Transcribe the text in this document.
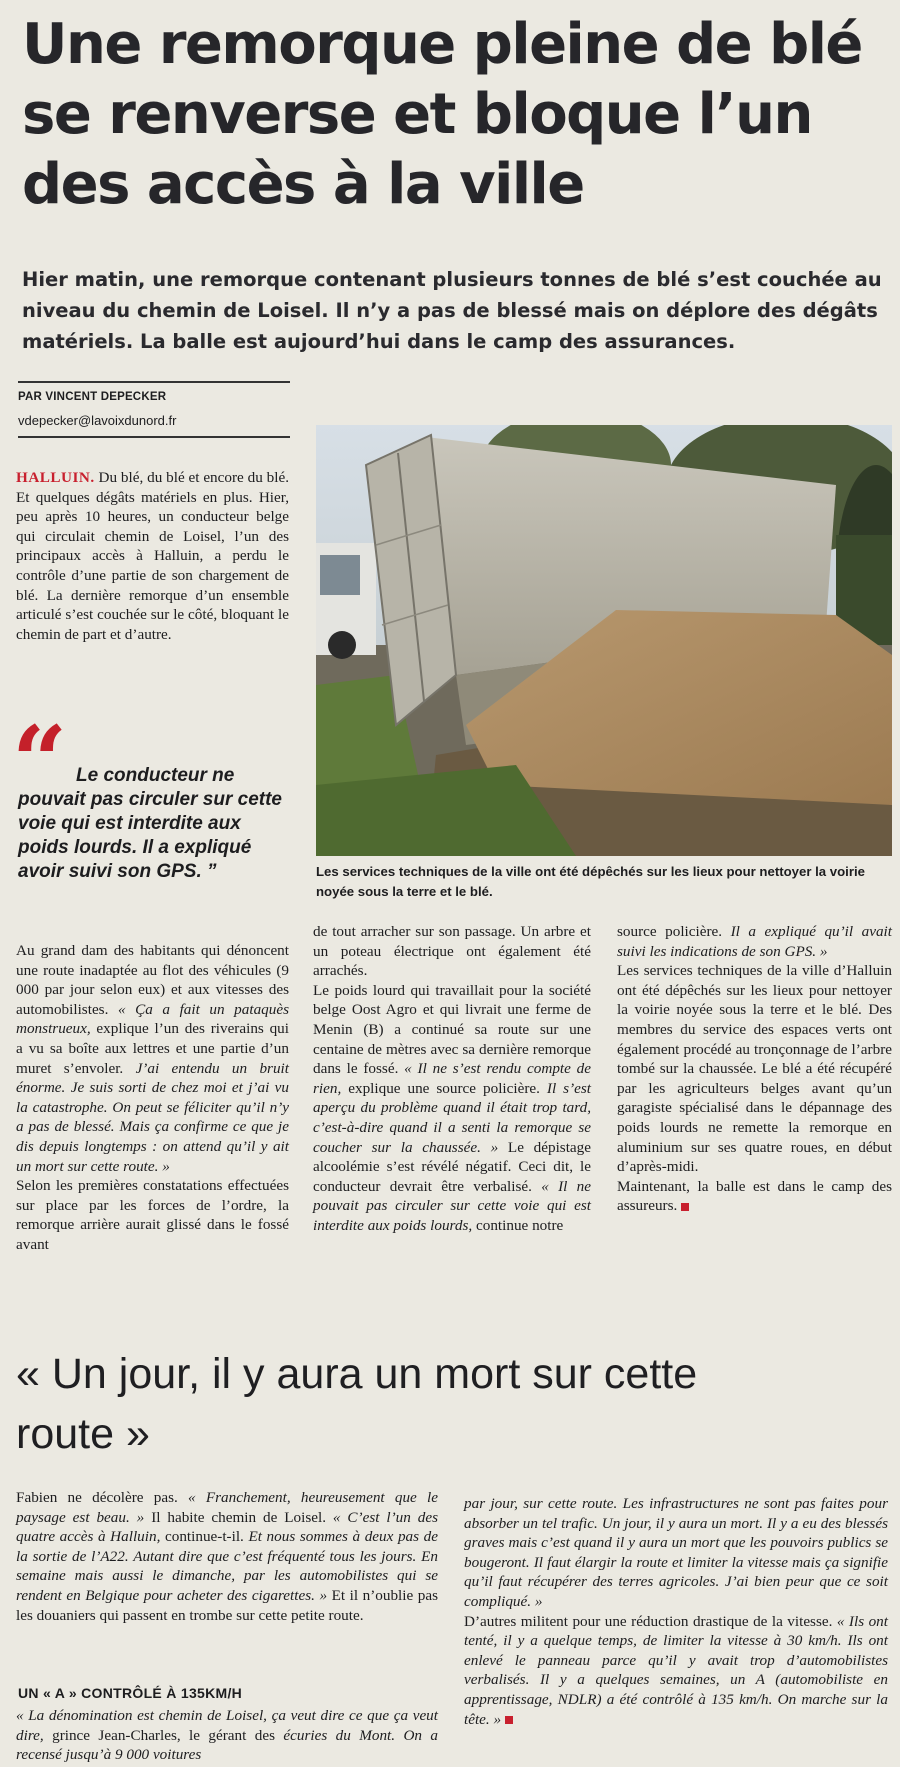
Une remorque pleine de blé se renverse et bloque l’un des accès à la ville

Hier matin, une remorque contenant plusieurs tonnes de blé s’est couchée au niveau du chemin de Loisel. Il n’y a pas de blessé mais on déplore des dégâts matériels. La balle est aujourd’hui dans le camp des assurances.

PAR VINCENT DEPECKER
vdepecker@lavoixdunord.fr
HALLUIN. Du blé, du blé et encore du blé. Et quelques dégâts matériels en plus. Hier, peu après 10 heures, un conducteur belge qui circulait chemin de Loisel, l’un des principaux accès à Halluin, a perdu le contrôle d’une partie de son chargement de blé. La dernière remorque d’un ensemble articulé s’est couchée sur le côté, bloquant le chemin de part et d’autre.
“ Le conducteur ne pouvait pas circuler sur cette voie qui est interdite aux poids lourds. Il a expliqué avoir suivi son GPS. ”	Les services techniques de la ville ont été dépêchés sur les lieux pour nettoyer la voirie noyée sous la terre et le blé.

Au grand dam des habitants qui dénoncent une route inadaptée au flot des véhicules (9 000 par jour selon eux) et aux vitesses des automobilistes. « Ça a fait un pataquès monstrueux, explique l’un des riverains qui a vu sa boîte aux lettres et une partie d’un muret s’envoler. J’ai entendu un bruit énorme. Je suis sorti de chez moi et j’ai vu la catastrophe. On peut se féliciter qu’il n’y a pas de blessé. Mais ça confirme ce que je dis depuis longtemps : on attend qu’il y ait un mort sur cette route. »

Selon les premières constatations effectuées sur place par les forces de l’ordre, la remorque arrière aurait glissé dans le fossé avant

de tout arracher sur son passage. Un arbre et un poteau électrique ont également été arrachés.

Le poids lourd qui travaillait pour la société belge Oost Agro et qui livrait une ferme de Menin (B) a continué sa route sur une centaine de mètres avec sa dernière remorque dans le fossé. « Il ne s’est rendu compte de rien, explique une source policière. Il s’est aperçu du problème quand il était trop tard, c’est-à-dire quand il a senti la remorque se coucher sur la chaussée. » Le dépistage alcoolémie s’est révélé négatif. Ceci dit, le conducteur devrait être verbalisé. « Il ne pouvait pas circuler sur cette voie qui est interdite aux poids lourds, continue notre

source policière. Il a expliqué qu’il avait suivi les indications de son GPS. »

Les services techniques de la ville d’Halluin ont été dépêchés sur les lieux pour nettoyer la voirie noyée sous la terre et le blé. Des membres du service des espaces verts ont également procédé au tronçonnage de l’arbre tombé sur la chaussée. Le blé a été récupéré par les agriculteurs belges avant qu’un garagiste spécialisé dans le dépannage des poids lourds ne remette la remorque en aluminium sur ses quatre roues, en début d’après-midi.

Maintenant, la balle est dans le camp des assureurs.

« Un jour, il y aura un mort sur cette route »

Fabien ne décolère pas. « Franchement, heureusement que le paysage est beau. » Il habite chemin de Loisel. « C’est l’un des quatre accès à Halluin, continue-t-il. Et nous sommes à deux pas de la sortie de l’A22. Autant dire que c’est fréquenté tous les jours. En semaine mais aussi le dimanche, par les automobilistes qui se rendent en Belgique pour acheter des cigarettes. » Et il n’oublie pas les douaniers qui passent en trombe sur cette petite route.

UN « A » CONTRÔLÉ À 135KM/H

« La dénomination est chemin de Loisel, ça veut dire ce que ça veut dire, grince Jean-Charles, le gérant des écuries du Mont. On a recensé jusqu’à 9 000 voitures

par jour, sur cette route. Les infrastructures ne sont pas faites pour absorber un tel trafic. Un jour, il y aura un mort. Il y a eu des blessés graves mais c’est quand il y aura un mort que les pouvoirs publics se bougeront. Il faut élargir la route et limiter la vitesse mais ça signifie qu’il faut récupérer des terres agricoles. J’ai bien peur que ce soit compliqué. »

D’autres militent pour une réduction drastique de la vitesse. « Ils ont tenté, il y a quelque temps, de limiter la vitesse à 30 km/h. Ils ont enlevé le panneau parce qu’il y avait trop d’automobilistes verbalisés. Il y a quelques semaines, un A (automobiliste en apprentissage, NDLR) a été contrôlé à 135 km/h. On marche sur la tête. »
